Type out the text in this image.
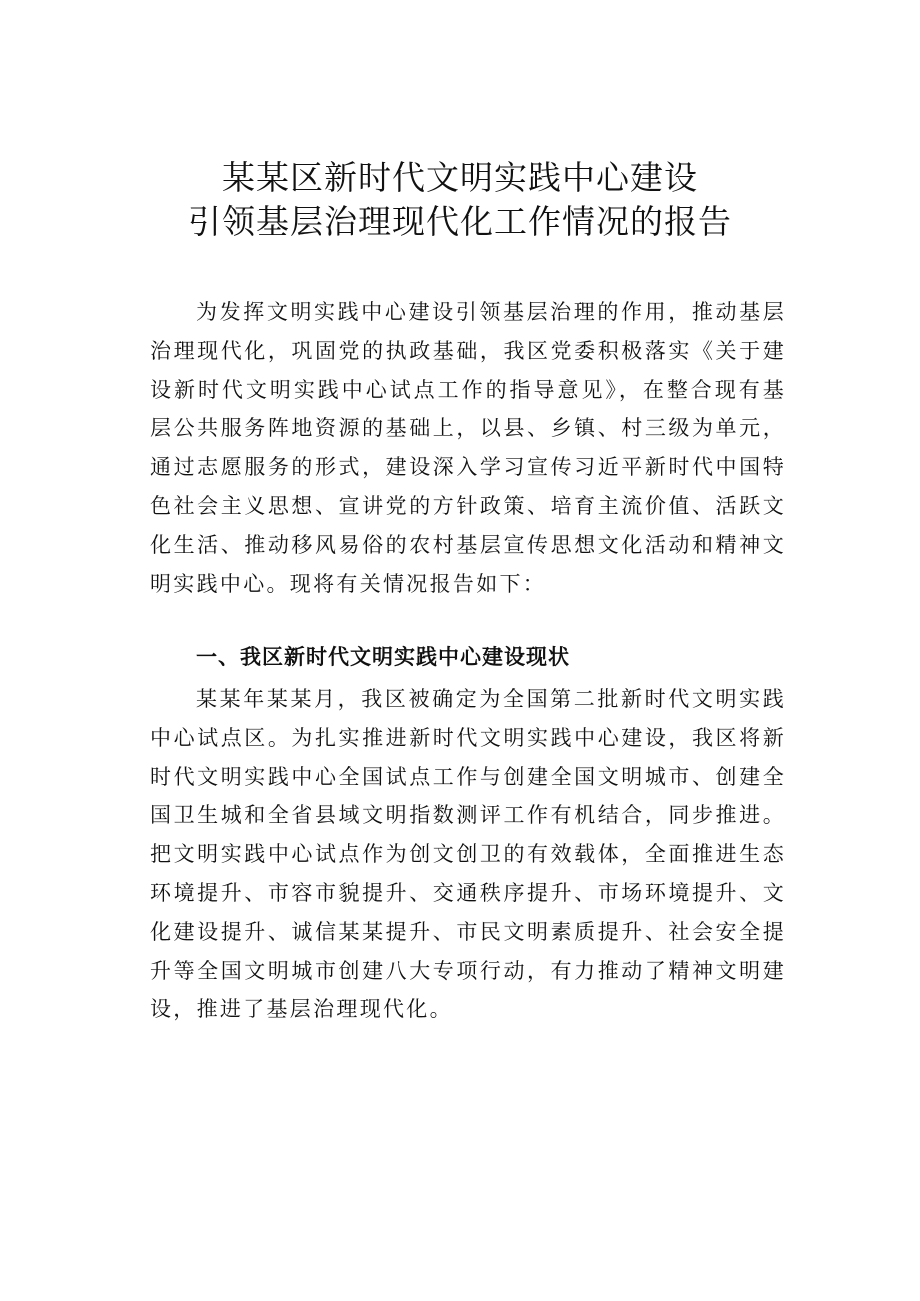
某某区新时代文明实践中心建设
引领基层治理现代化工作情况的报告

为发挥文明实践中心建设引领基层治理的作用，推动基层治理现代化，巩固党的执政基础，我区党委积极落实《关于建设新时代文明实践中心试点工作的指导意见》，在整合现有基层公共服务阵地资源的基础上，以县、乡镇、村三级为单元，通过志愿服务的形式，建设深入学习宣传习近平新时代中国特色社会主义思想、宣讲党的方针政策、培育主流价值、活跃文化生活、推动移风易俗的农村基层宣传思想文化活动和精神文明实践中心。现将有关情况报告如下：

一、我区新时代文明实践中心建设现状

某某年某某月，我区被确定为全国第二批新时代文明实践中心试点区。为扎实推进新时代文明实践中心建设，我区将新时代文明实践中心全国试点工作与创建全国文明城市、创建全国卫生城和全省县域文明指数测评工作有机结合，同步推进。把文明实践中心试点作为创文创卫的有效载体，全面推进生态环境提升、市容市貌提升、交通秩序提升、市场环境提升、文化建设提升、诚信某某提升、市民文明素质提升、社会安全提升等全国文明城市创建八大专项行动，有力推动了精神文明建设，推进了基层治理现代化。
